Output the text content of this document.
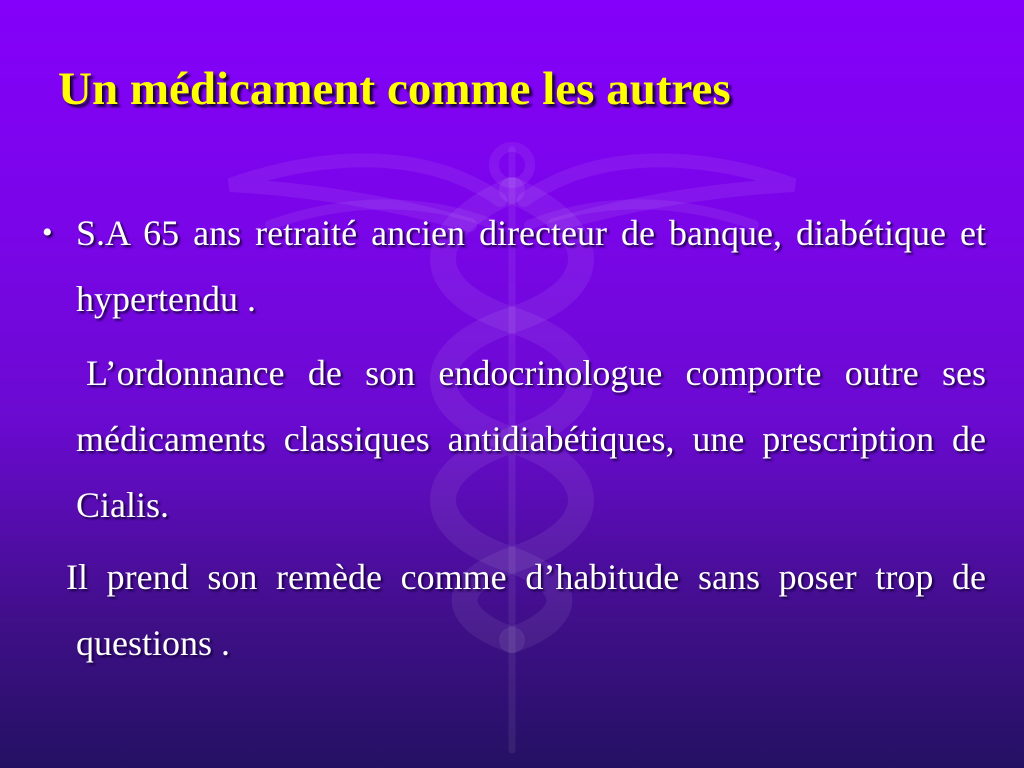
Un médicament comme les autres

• S.A 65 ans retraité ancien directeur de banque, diabétique et hypertendu .

L’ordonnance de son endocrinologue comporte outre ses médicaments classiques antidiabétiques, une prescription de Cialis.

Il prend son remède comme d’habitude sans poser trop de questions .
